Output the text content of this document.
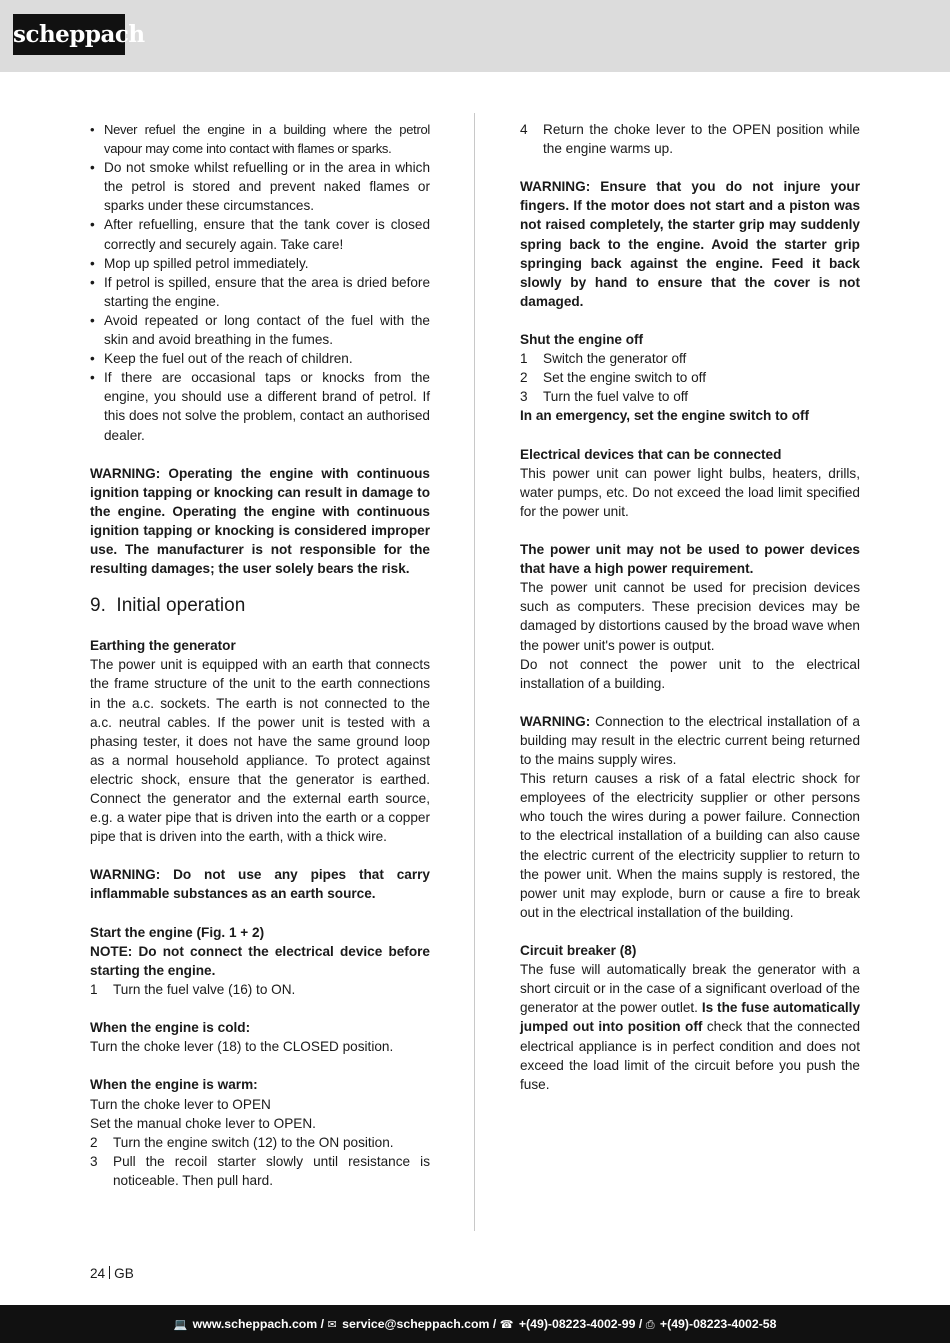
scheppach
• Never refuel the engine in a building where the petrol vapour may come into contact with flames or sparks.
• Do not smoke whilst refuelling or in the area in which the petrol is stored and prevent naked flames or sparks under these circumstances.
• After refuelling, ensure that the tank cover is closed correctly and securely again. Take care!
• Mop up spilled petrol immediately.
• If petrol is spilled, ensure that the area is dried before starting the engine.
• Avoid repeated or long contact of the fuel with the skin and avoid breathing in the fumes.
• Keep the fuel out of the reach of children.
• If there are occasional taps or knocks from the engine, you should use a different brand of petrol. If this does not solve the problem, contact an authorised dealer.

WARNING: Operating the engine with continuous ignition tapping or knocking can result in damage to the engine. Operating the engine with continuous ignition tapping or knocking is considered improper use. The manufacturer is not responsible for the resulting damages; the user solely bears the risk.

9. Initial operation

Earthing the generator

The power unit is equipped with an earth that connects the frame structure of the unit to the earth connections in the a.c. sockets. The earth is not connected to the a.c. neutral cables. If the power unit is tested with a phasing tester, it does not have the same ground loop as a normal household appliance. To protect against electric shock, ensure that the generator is earthed. Connect the generator and the external earth source, e.g. a water pipe that is driven into the earth or a copper pipe that is driven into the earth, with a thick wire.

WARNING: Do not use any pipes that carry inflammable substances as an earth source.

Start the engine (Fig. 1 + 2)

NOTE: Do not connect the electrical device before starting the engine.

1	Turn the fuel valve (16) to ON.

When the engine is cold:

Turn the choke lever (18) to the CLOSED position.

When the engine is warm:

Turn the choke lever to OPEN

Set the manual choke lever to OPEN.

2	Turn the engine switch (12) to the ON position.
3	Pull the recoil starter slowly until resistance is noticeable. Then pull hard.
4	Return the choke lever to the OPEN position while the engine warms up.

WARNING: Ensure that you do not injure your fingers. If the motor does not start and a piston was not raised completely, the starter grip may suddenly spring back to the engine. Avoid the starter grip springing back against the engine. Feed it back slowly by hand to ensure that the cover is not damaged.

Shut the engine off

1	Switch the generator off
2	Set the engine switch to off
3	Turn the fuel valve to off

In an emergency, set the engine switch to off

Electrical devices that can be connected

This power unit can power light bulbs, heaters, drills, water pumps, etc. Do not exceed the load limit specified for the power unit.

The power unit may not be used to power devices that have a high power requirement.

The power unit cannot be used for precision devices such as computers. These precision devices may be damaged by distortions caused by the broad wave when the power unit's power is output.

Do not connect the power unit to the electrical installation of a building.

WARNING: Connection to the electrical installation of a building may result in the electric current being returned to the mains supply wires.

This return causes a risk of a fatal electric shock for employees of the electricity supplier or other persons who touch the wires during a power failure. Connection to the electrical installation of a building can also cause the electric current of the electricity supplier to return to the power unit. When the mains supply is restored, the power unit may explode, burn or cause a fire to break out in the electrical installation of the building.

Circuit breaker (8)

The fuse will automatically break the generator with a short circuit or in the case of a significant overload of the generator at the power outlet. Is the fuse automatically jumped out into position off check that the connected electrical appliance is in perfect condition and does not exceed the load limit of the circuit before you push the fuse.

24 GB
💻 www.scheppach.com / ✉ service@scheppach.com / ☎ +(49)-08223-4002-99 / ⎙ +(49)-08223-4002-58
